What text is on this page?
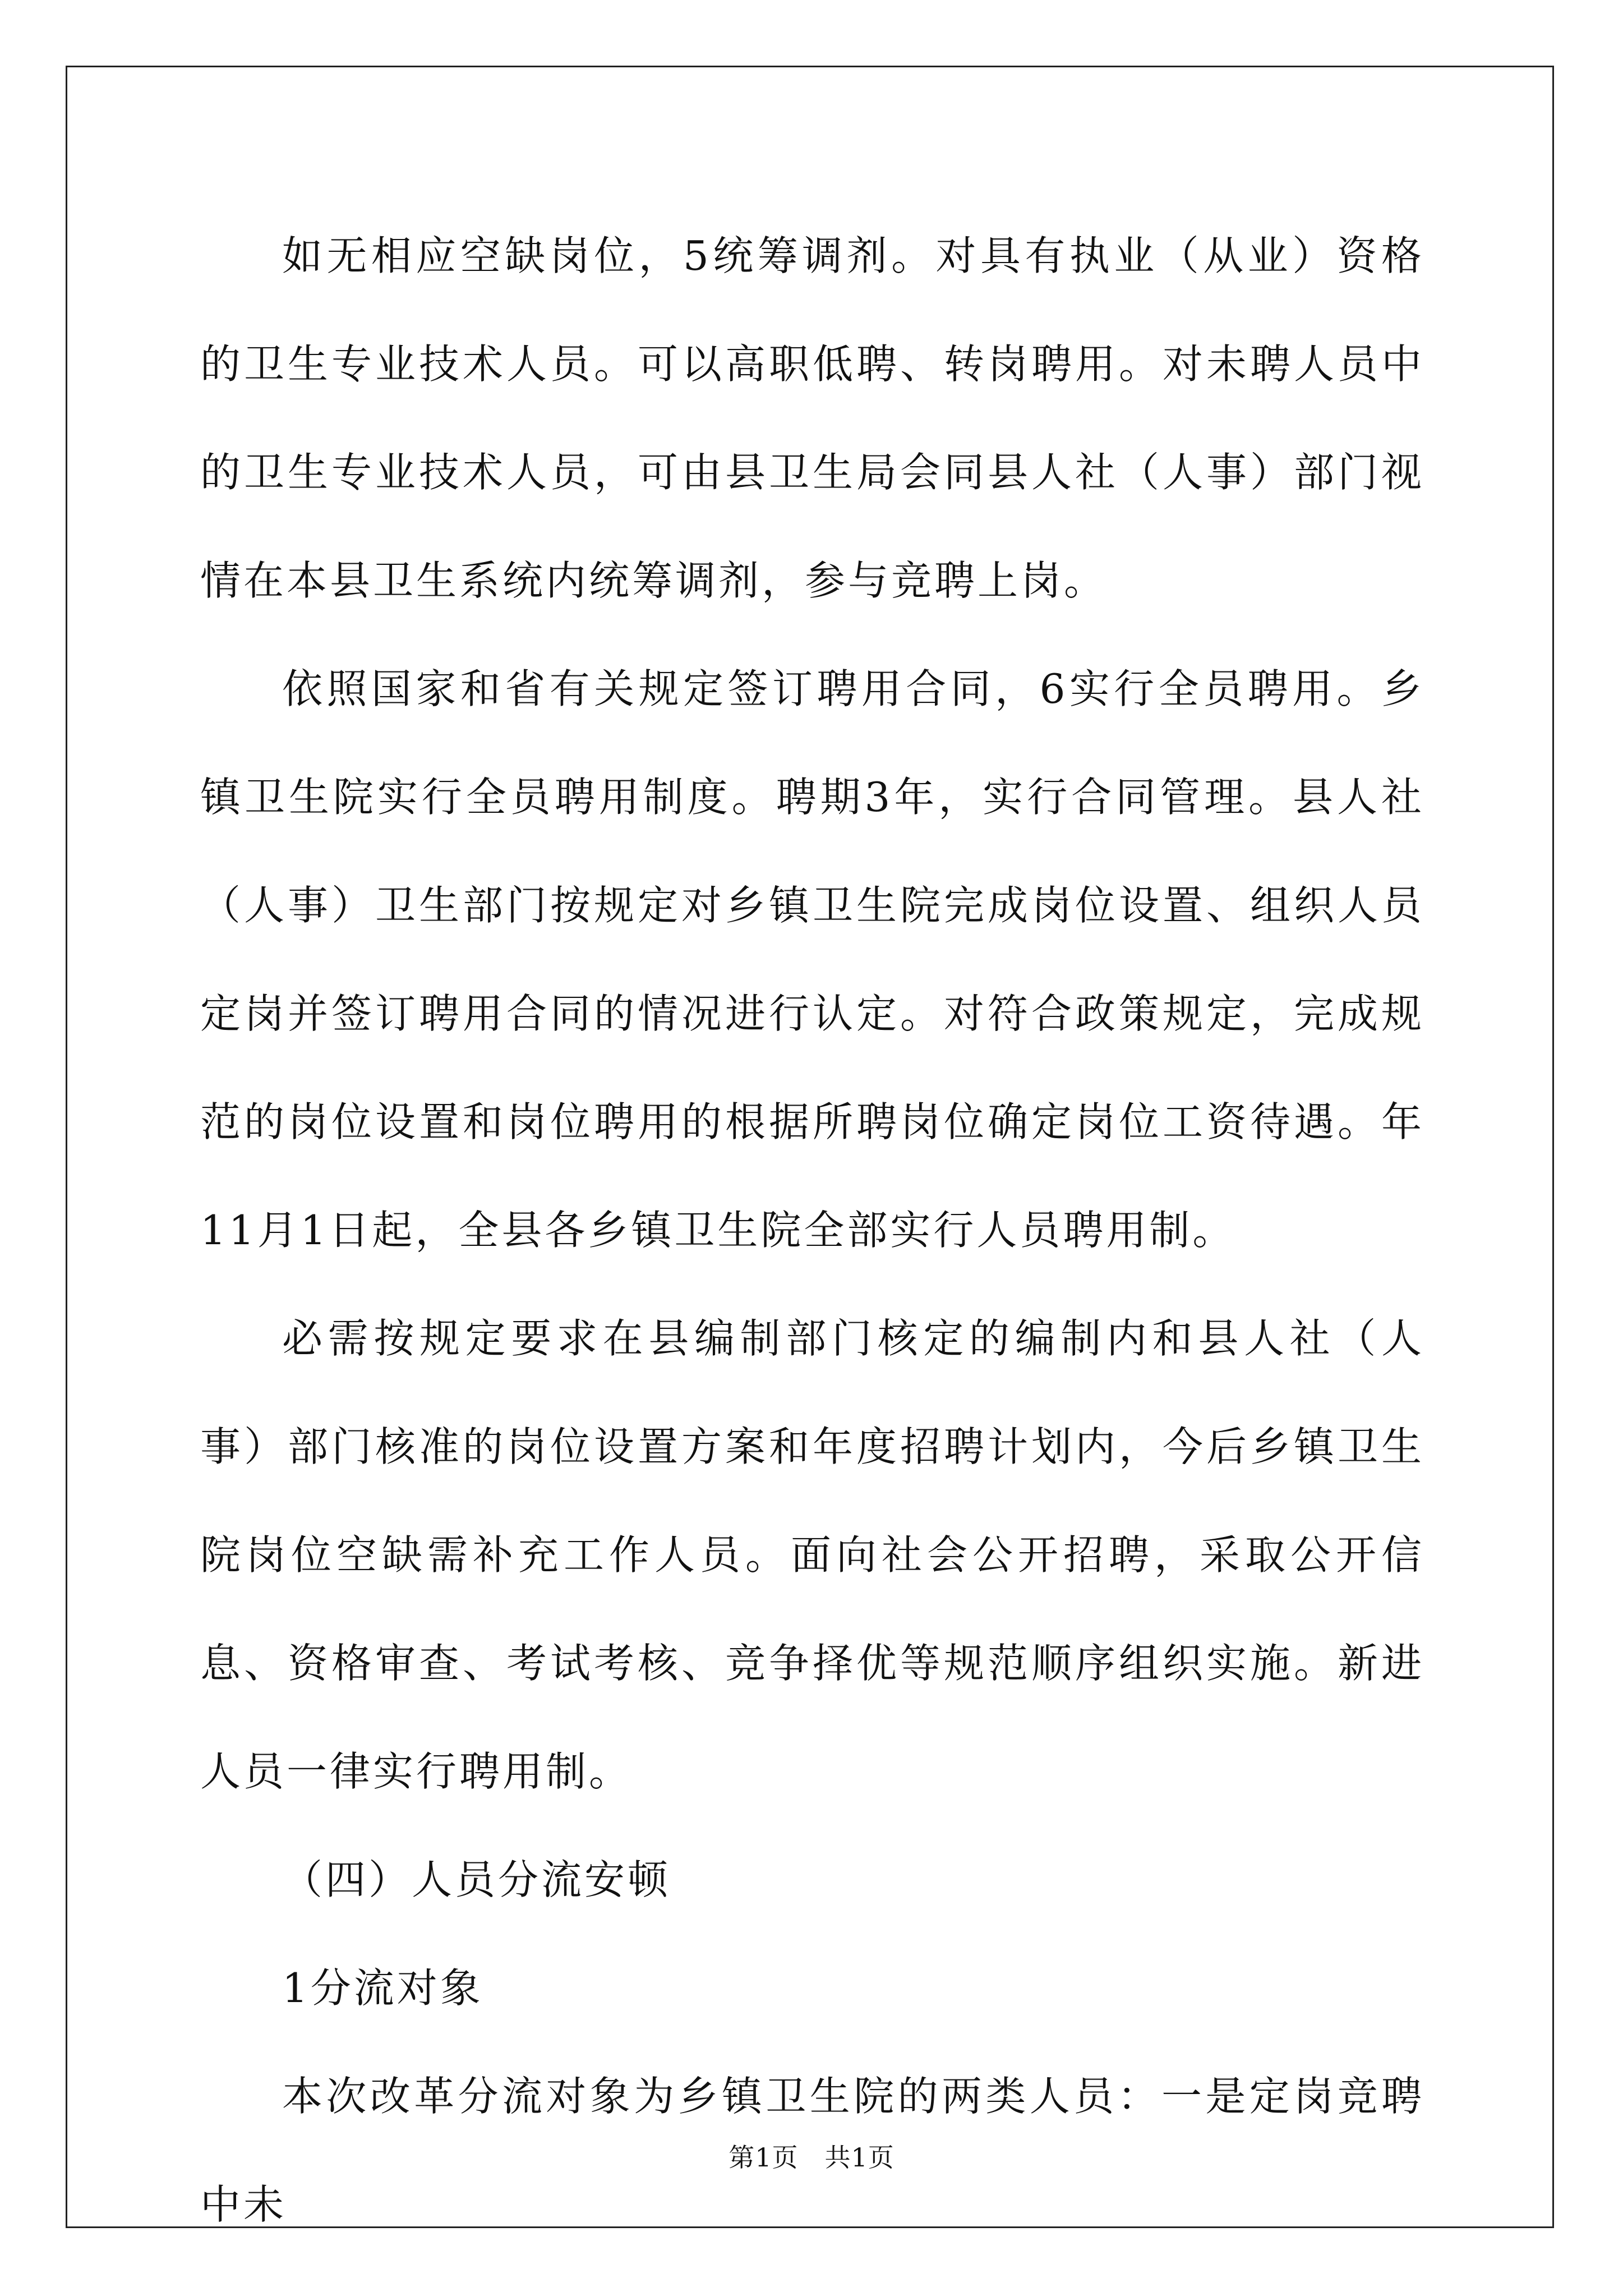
如无相应空缺岗位，5统筹调剂。对具有执业（从业）资格的卫生专业技术人员。可以高职低聘、转岗聘用。对未聘人员中的卫生专业技术人员，可由县卫生局会同县人社（人事）部门视情在本县卫生系统内统筹调剂，参与竞聘上岗。

依照国家和省有关规定签订聘用合同，6实行全员聘用。乡镇卫生院实行全员聘用制度。聘期3年，实行合同管理。县人社（人事）卫生部门按规定对乡镇卫生院完成岗位设置、组织人员定岗并签订聘用合同的情况进行认定。对符合政策规定，完成规范的岗位设置和岗位聘用的根据所聘岗位确定岗位工资待遇。年11月1日起，全县各乡镇卫生院全部实行人员聘用制。

必需按规定要求在县编制部门核定的编制内和县人社（人事）部门核准的岗位设置方案和年度招聘计划内，今后乡镇卫生院岗位空缺需补充工作人员。面向社会公开招聘，采取公开信息、资格审查、考试考核、竞争择优等规范顺序组织实施。新进人员一律实行聘用制。

（四）人员分流安顿

1分流对象

本次改革分流对象为乡镇卫生院的两类人员：一是定岗竞聘中未

第1页　共1页
